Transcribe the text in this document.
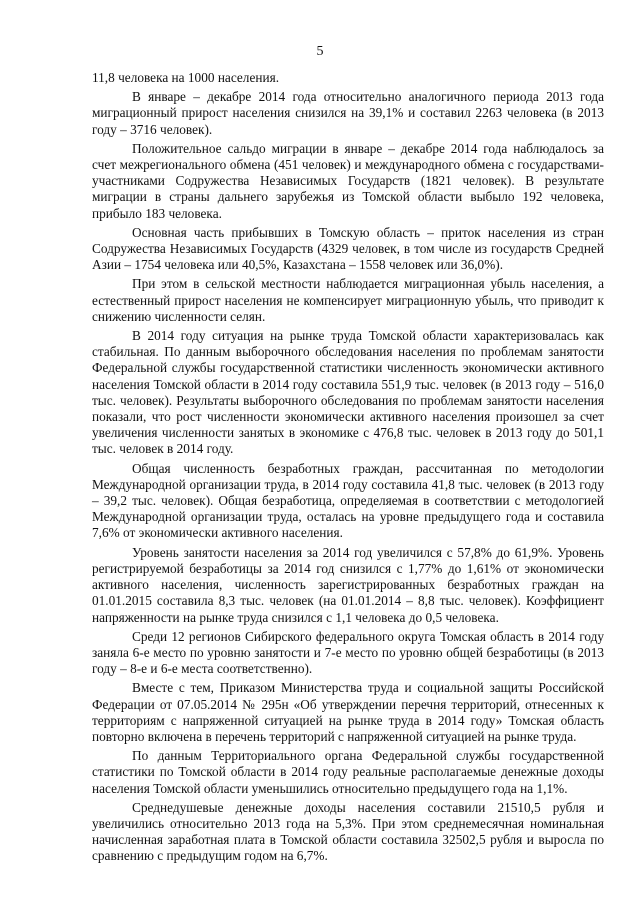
5

11,8 человека на 1000 населения.

В январе – декабре 2014 года относительно аналогичного периода 2013 года миграционный прирост населения снизился на 39,1% и составил 2263 человека (в 2013 году – 3716 человек).

Положительное сальдо миграции в январе – декабре 2014 года наблюдалось за счет межрегионального обмена (451 человек) и международного обмена с государствами-участниками Содружества Независимых Государств (1821 человек). В результате миграции в страны дальнего зарубежья из Томской области выбыло 192 человека, прибыло 183 человека.

Основная часть прибывших в Томскую область – приток населения из стран Содружества Независимых Государств (4329 человек, в том числе из государств Средней Азии – 1754 человека или 40,5%, Казахстана – 1558 человек или 36,0%).

При этом в сельской местности наблюдается миграционная убыль населения, а естественный прирост населения не компенсирует миграционную убыль, что приводит к снижению численности селян.

В 2014 году ситуация на рынке труда Томской области характеризовалась как стабильная. По данным выборочного обследования населения по проблемам занятости Федеральной службы государственной статистики численность экономически активного населения Томской области в 2014 году составила 551,9 тыс. человек (в 2013 году – 516,0 тыс. человек). Результаты выборочного обследования по проблемам занятости населения показали, что рост численности экономически активного населения произошел за счет увеличения численности занятых в экономике с 476,8 тыс. человек в 2013 году до 501,1 тыс. человек в 2014 году.

Общая численность безработных граждан, рассчитанная по методологии Международной организации труда, в 2014 году составила 41,8 тыс. человек (в 2013 году – 39,2 тыс. человек). Общая безработица, определяемая в соответствии с методологией Международной организации труда, осталась на уровне предыдущего года и составила 7,6% от экономически активного населения.

Уровень занятости населения за 2014 год увеличился с 57,8% до 61,9%. Уровень регистрируемой безработицы за 2014 год снизился с 1,77% до 1,61% от экономически активного населения, численность зарегистрированных безработных граждан на 01.01.2015 составила 8,3 тыс. человек (на 01.01.2014 – 8,8 тыс. человек). Коэффициент напряженности на рынке труда снизился с 1,1 человека до 0,5 человека.

Среди 12 регионов Сибирского федерального округа Томская область в 2014 году заняла 6-е место по уровню занятости и 7-е место по уровню общей безработицы (в 2013 году – 8-е и 6-е места соответственно).

Вместе с тем, Приказом Министерства труда и социальной защиты Российской Федерации от 07.05.2014 № 295н «Об утверждении перечня территорий, отнесенных к территориям с напряженной ситуацией на рынке труда в 2014 году» Томская область повторно включена в перечень территорий с напряженной ситуацией на рынке труда.

По данным Территориального органа Федеральной службы государственной статистики по Томской области в 2014 году реальные располагаемые денежные доходы населения Томской области уменьшились относительно предыдущего года на 1,1%.

Среднедушевые денежные доходы населения составили 21510,5 рубля и увеличились относительно 2013 года на 5,3%. При этом среднемесячная номинальная начисленная заработная плата в Томской области составила 32502,5 рубля и выросла по сравнению с предыдущим годом на 6,7%.
